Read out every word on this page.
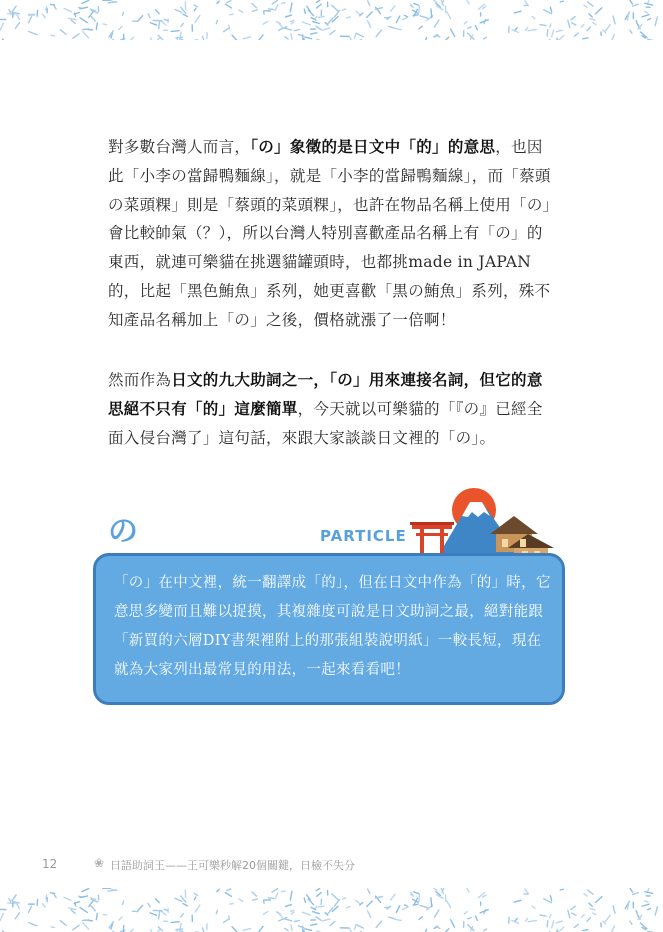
對多數台灣人而言，「の」象徵的是日文中「的」的意思，也因此「小李の當歸鴨麵線」，就是「小李的當歸鴨麵線」，而「蔡頭の菜頭粿」則是「蔡頭的菜頭粿」，也許在物品名稱上使用「の」會比較帥氣（？），所以台灣人特別喜歡產品名稱上有「の」的東西，就連可樂貓在挑選貓罐頭時，也都挑made in JAPAN的，比起「黑色鮪魚」系列，她更喜歡「黒の鮪魚」系列，殊不知產品名稱加上「の」之後，價格就漲了一倍啊！

然而作為日文的九大助詞之一，「の」用來連接名詞，但它的意思絕不只有「的」這麼簡單，今天就以可樂貓的「『の』已經全面入侵台灣了」這句話，來跟大家談談日文裡的「の」。

の	PARTICLE

「の」在中文裡，統一翻譯成「的」，但在日文中作為「的」時，它意思多變而且難以捉摸，其複雜度可說是日文助詞之最，絕對能跟「新買的六層DIY書架裡附上的那張組裝說明紙」一較長短，現在就為大家列出最常見的用法，一起來看看吧！

12	❀ 日語助詞王——王可樂秒解20個關鍵，日檢不失分
